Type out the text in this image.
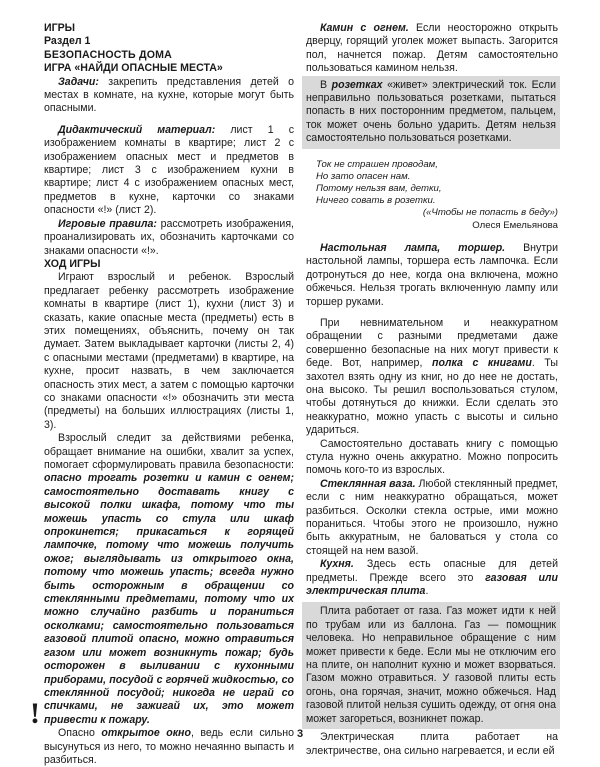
ИГРЫ

Раздел 1

БЕЗОПАСНОСТЬ ДОМА

ИГРА «НАЙДИ ОПАСНЫЕ МЕСТА»

Задачи: закрепить представления детей о местах в комнате, на кухне, которые могут быть опасными.

Дидактический материал: лист 1 с изображением комнаты в квартире; лист 2 с изображением опасных мест и предметов в квартире; лист 3 с изображением кухни в квартире; лист 4 с изображением опасных мест, предметов в кухне, карточки со знаками опасности «!» (лист 2).

Игровые правила: рассмотреть изображения, проанализировать их, обозначить карточками со знаками опасности «!».

ХОД ИГРЫ

Играют взрослый и ребенок. Взрослый предлагает ребенку рассмотреть изображение комнаты в квартире (лист 1), кухни (лист 3) и сказать, какие опасные места (предметы) есть в этих помещениях, объяснить, почему он так думает. Затем выкладывает карточки (листы 2, 4) с опасными местами (предметами) в квартире, на кухне, просит назвать, в чем заключается опасность этих мест, а затем с помощью карточки со знаками опасности «!» обозначить эти места (предметы) на больших иллюстрациях (листы 1, 3).

Взрослый следит за действиями ребенка, обращает внимание на ошибки, хвалит за успех, помогает сформулировать правила безопасности: опасно трогать розетки и камин с огнем; самостоятельно доставать книгу с высокой полки шкафа, потому что ты можешь упасть со стула или шкаф опрокинется; прикасаться к горящей лампочке, потому что можешь получить ожог; выглядывать из открытого окна, потому что можешь упасть; всегда нужно быть осторожным в обращении со стеклянными предметами, потому что их можно случайно разбить и пораниться осколками; самостоятельно пользоваться газовой плитой опасно, можно отравиться газом или может возникнуть пожар; будь осторожен в выливании с кухонными приборами, посудой с горячей жидкостью, со стеклянной посудой; никогда не играй со спичками, не зажигай их, это может привести к пожару.

Опасно открытое окно, ведь если сильно высунуться из него, то можно нечаянно выпасть и разбиться.

!

Камин с огнем. Если неосторожно открыть дверцу, горящий уголек может выпасть. Загорится пол, начнется пожар. Детям самостоятельно пользоваться камином нельзя.

В розетках «живет» электрический ток. Если неправильно пользоваться розетками, пытаться попасть в них посторонним предметом, пальцем, ток может очень больно ударить. Детям нельзя самостоятельно пользоваться розетками.

Ток не страшен проводам,

Но зато опасен нам.

Потому нельзя вам, детки,

Ничего совать в розетки.

(«Чтобы не попасть в беду»)

Олеся Емельянова

Настольная лампа, торшер. Внутри настольной лампы, торшера есть лампочка. Если дотронуться до нее, когда она включена, можно обжечься. Нельзя трогать включенную лампу или торшер руками.

При невнимательном и неаккуратном обращении с разными предметами даже совершенно безопасные на них могут привести к беде. Вот, например, полка с книгами. Ты захотел взять одну из книг, но до нее не достать, она высоко. Ты решил воспользоваться стулом, чтобы дотянуться до книжки. Если сделать это неаккуратно, можно упасть с высоты и сильно удариться.

Самостоятельно доставать книгу с помощью стула нужно очень аккуратно. Можно попросить помочь кого-то из взрослых.

Стеклянная ваза. Любой стеклянный предмет, если с ним неаккуратно обращаться, может разбиться. Осколки стекла острые, ими можно пораниться. Чтобы этого не произошло, нужно быть аккуратным, не баловаться у стола со стоящей на нем вазой.

Кухня. Здесь есть опасные для детей предметы. Прежде всего это газовая или электрическая плита.

Плита работает от газа. Газ может идти к ней по трубам или из баллона. Газ — помощник человека. Но неправильное обращение с ним может привести к беде. Если мы не отключим его на плите, он наполнит кухню и может взорваться. Газом можно отравиться. У газовой плиты есть огонь, она горячая, значит, можно обжечься. Над газовой плитой нельзя сушить одежду, от огня она может загореться, возникнет пожар.

Электрическая плита работает на электричестве, она сильно нагревается, и если ей

3
